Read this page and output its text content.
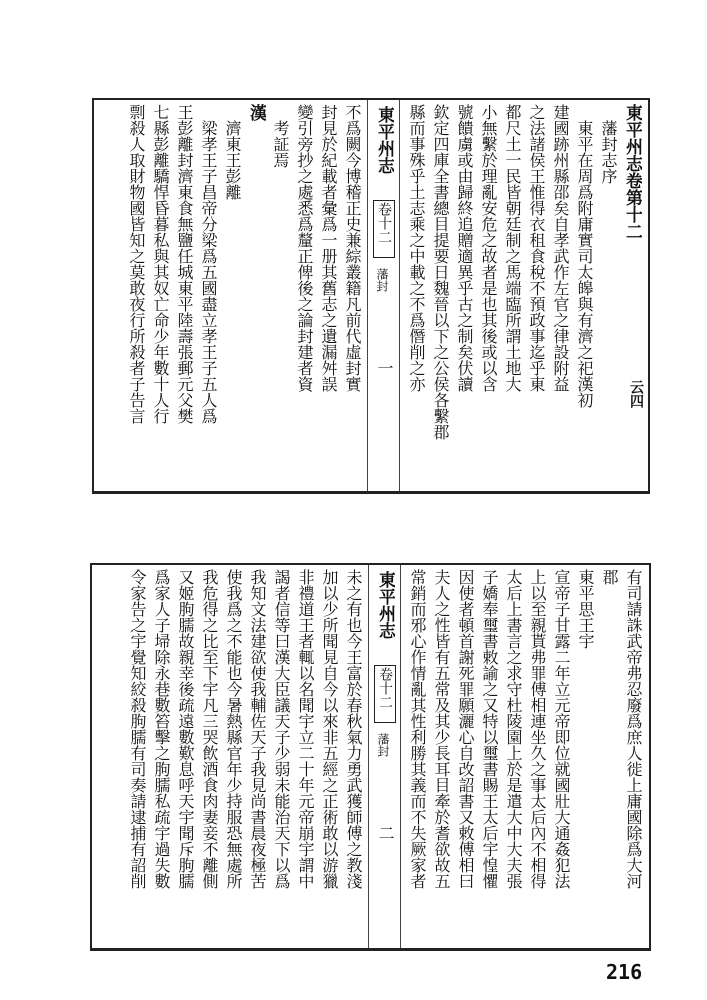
東平州志卷第十二
　藩封志序
　東平在周爲附庸實司太皞與有濟之祀漢初
建國跡州縣邵矣自孝武作左官之律設附益
之法諸侯王惟得衣租食稅不預政事迄乎東
都尺土一民皆朝廷制之馬端臨所謂土地大
小無繫於理亂安危之故者是也其後或以含
號饋虜或由歸終追贈適異乎古之制矣伏讀
欽定四庫全書總目提要日魏晉以下之公侯各繫郡
縣而事殊乎土志乘之中載之不爲僭削之亦
東平州志
卷十二
藩封
一
不爲闕今博稽正史兼綜叢籍凡前代虛封實
封見於紀載者彙爲一册其舊志之遺漏舛誤
變引旁抄之處悉爲釐正俾後之論封建者資
　考証焉
漢
　濟東王彭離
　梁孝王子昌帝分梁爲五國盡立孝王子五人爲
王彭離封濟東食無鹽任城東平陸壽張郵元父樊
七縣彭離驕悍昏暮私與其奴亡命少年數十人行
剽殺人取財物國皆知之莫敢夜行所殺者子告言	云四
有司請誅武帝弗忍廢爲庶人徙上庸國除爲大河
郡
東平思王宇
宣帝子甘露二年立元帝即位就國壯大通姦犯法
上以至親貰弗罪傅相連坐久之事太后內不相得
太后上書言之求守杜陵園上於是遣大中大夫張
子嬌奉璽書敕諭之又特以璽書賜王太后宇惶懼
因使者頓首謝死罪願灑心自改詔書又敕傅相曰
夫人之性皆有五常及其少長耳目牽於耆欲故五
常銷而邪心作情亂其性利勝其義而不失厥家者
東平州志
卷十二
藩封
二
未之有也今王富於春秋氣力勇武獲師傅之教淺
加以少所聞見自今以來非五經之正術敢以游獵
非禮道王者輒以名聞宇立二十年元帝崩宇謂中
謁者信等曰漢大臣議天子少弱未能治天下以爲
我知文法建欲使我輔佐天子我見尚書晨夜極苦
使我爲之不能也今暑熱縣官年少持服恐無處所
我危得之比至下宇凡三哭飲酒食肉妻妾不離側
又姬朐臑故親幸後疏遠數歎息呼天宇聞斥朐臑
爲家人子埽除永巷數笞擊之朐臑私疏宇過失數
令家告之宇覺知絞殺朐臑有司奏請逮捕有詔削
216
